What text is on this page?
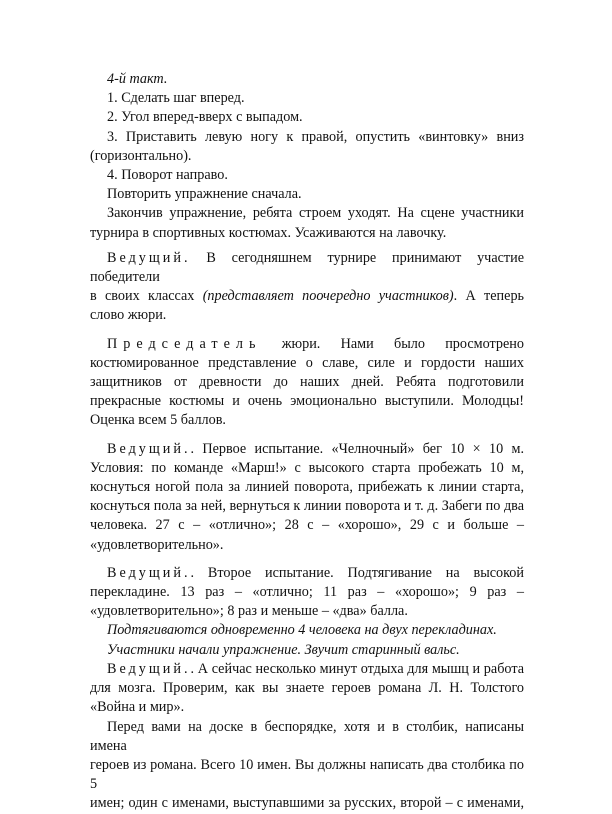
4-й такт.

1. Сделать шаг вперед.

2. Угол вперед-вверх с выпадом.

3. Приставить левую ногу к правой, опустить «винтовку» вниз

(горизонтально).

4. Поворот направо.

Повторить упражнение сначала.

Закончив упражнение, ребята строем уходят. На сцене участники

турнира в спортивных костюмах. Усаживаются на лавочку.

Ведущий. В сегодняшнем турнире принимают участие победители

в своих классах (представляет поочередно участников). А теперь

слово жюри.

Председатель	жюри.	Нами	было	просмотрено

костюмированное представление о славе, силе и гордости наших

защитников от древности до наших дней. Ребята подготовили

прекрасные костюмы и очень эмоционально выступили. Молодцы!

Оценка всем 5 баллов.

Ведущий.. Первое испытание. «Челночный» бег 10 × 10 м.

Условия: по команде «Марш!» с высокого старта пробежать 10 м,

коснуться ногой пола за линией поворота, прибежать к линии старта,

коснуться пола за ней, вернуться к линии поворота и т. д. Забеги по два

человека. 27 с – «отлично»; 28 с – «хорошо», 29 с и больше –

«удовлетворительно».

Ведущий.. Второе испытание. Подтягивание на высокой

перекладине. 13 раз – «отлично; 11 раз – «хорошо»; 9 раз –

«удовлетворительно»; 8 раз и меньше – «два» балла.

Подтягиваются одновременно 4 человека на двух перекладинах.

Участники начали упражнение. Звучит старинный вальс.

Ведущий.. А сейчас несколько минут отдыха для мышц и работа

для мозга. Проверим, как вы знаете героев романа Л. Н. Толстого

«Война и мир».

Перед вами на доске в беспорядке, хотя и в столбик, написаны имена

героев из романа. Всего 10 имен. Вы должны написать два столбика по 5

имен; один с именами, выступавшими за русских, второй – с именами,
